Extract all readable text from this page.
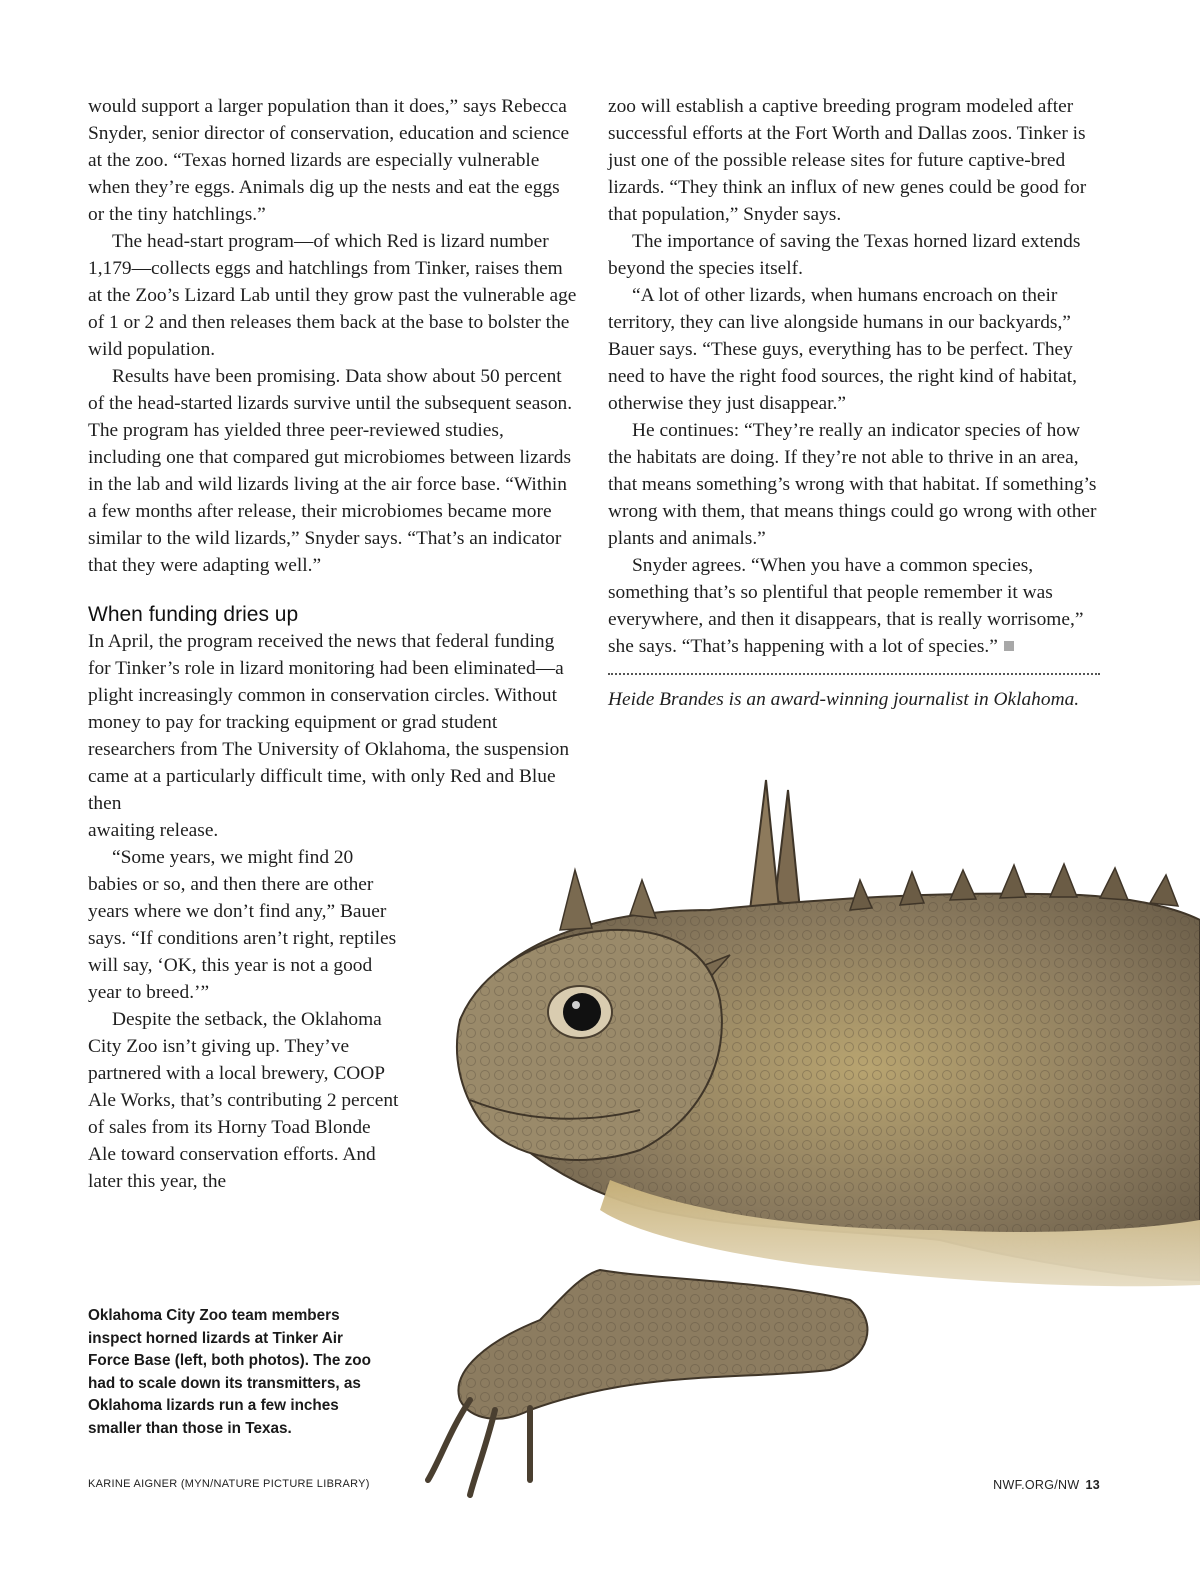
would support a larger population than it does,” says Rebecca Snyder, senior director of conservation, education and science at the zoo. “Texas horned lizards are especially vulnerable when they’re eggs. Animals dig up the nests and eat the eggs or the tiny hatchlings.”

The head-start program—of which Red is lizard number 1,179—collects eggs and hatchlings from Tinker, raises them at the Zoo’s Lizard Lab until they grow past the vulnerable age of 1 or 2 and then releases them back at the base to bolster the wild population.

Results have been promising. Data show about 50 percent of the head-started lizards survive until the subsequent season. The program has yielded three peer-reviewed studies, including one that compared gut microbiomes between lizards in the lab and wild lizards living at the air force base. “Within a few months after release, their microbiomes became more similar to the wild lizards,” Snyder says. “That’s an indicator that they were adapting well.”

When funding dries up

In April, the program received the news that federal funding for Tinker’s role in lizard monitoring had been eliminated—a plight increasingly common in conservation circles. Without money to pay for tracking equipment or grad student researchers from The University of Oklahoma, the suspension came at a particularly difficult time, with only Red and Blue then

awaiting release.

“Some years, we might find 20 babies or so, and then there are other years where we don’t find any,” Bauer says. “If conditions aren’t right, reptiles will say, ‘OK, this year is not a good year to breed.’”

Despite the setback, the Oklahoma City Zoo isn’t giving up. They’ve partnered with a local brewery, COOP Ale Works, that’s contributing 2 percent of sales from its Horny Toad Blonde Ale toward conservation efforts. And later this year, the

zoo will establish a captive breeding program modeled after successful efforts at the Fort Worth and Dallas zoos. Tinker is just one of the possible release sites for future captive-bred lizards. “They think an influx of new genes could be good for that population,” Snyder says.

The importance of saving the Texas horned lizard extends beyond the species itself.

“A lot of other lizards, when humans encroach on their territory, they can live alongside humans in our backyards,” Bauer says. “These guys, everything has to be perfect. They need to have the right food sources, the right kind of habitat, otherwise they just disappear.”

He continues: “They’re really an indicator species of how the habitats are doing. If they’re not able to thrive in an area, that means something’s wrong with that habitat. If something’s wrong with them, that means things could go wrong with other plants and animals.”

Snyder agrees. “When you have a common species, something that’s so plentiful that people remember it was everywhere, and then it disappears, that is really worrisome,” she says. “That’s happening with a lot of species.”

Heide Brandes is an award-winning journalist in Oklahoma.

Oklahoma City Zoo team members inspect horned lizards at Tinker Air Force Base (left, both photos). The zoo had to scale down its transmitters, as Oklahoma lizards run a few inches smaller than those in Texas.
KARINE AIGNER (MYN/NATURE PICTURE LIBRARY)	NWF.ORG/NW 13
